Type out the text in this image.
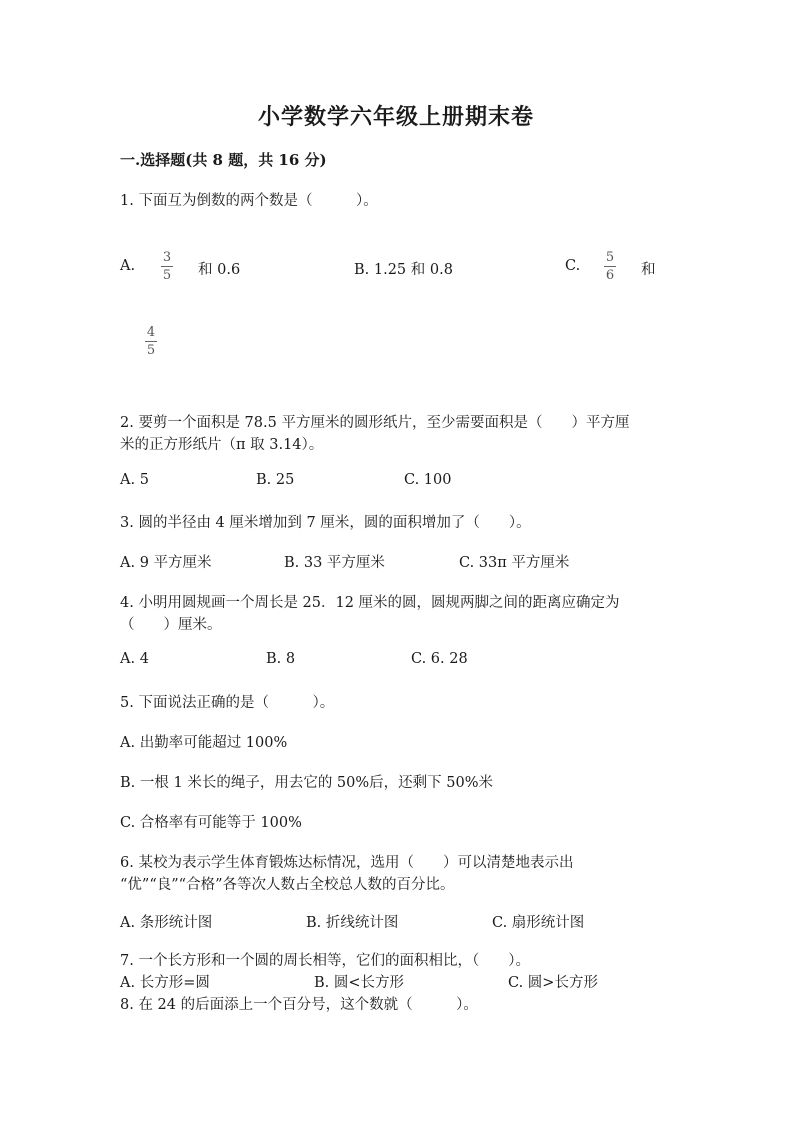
小学数学六年级上册期末卷
一.选择题(共 8 题，共 16 分)
1. 下面互为倒数的两个数是（　　　）。
A.
3
5 和 0.6	B. 1.25 和 0.8	C.
5
6 和
4
5
2. 要剪一个面积是 78.5 平方厘米的圆形纸片，至少需要面积是（　　）平方厘
米的正方形纸片（π 取 3.14）。
A. 5	B. 25	C. 100
3. 圆的半径由 4 厘米增加到 7 厘米，圆的面积增加了（　　）。
A. 9 平方厘米	B. 33 平方厘米	C. 33π 平方厘米
4. 小明用圆规画一个周长是 25．12 厘米的圆，圆规两脚之间的距离应确定为
（　　）厘米。
A. 4	B. 8	C. 6. 28
5. 下面说法正确的是（　　　）。
A. 出勤率可能超过 100%
B. 一根 1 米长的绳子，用去它的 50%后，还剩下 50%米
C. 合格率有可能等于 100%
6. 某校为表示学生体育锻炼达标情况，选用（　　）可以清楚地表示出
“优”“良”“合格”各等次人数占全校总人数的百分比。
A. 条形统计图	B. 折线统计图	C. 扇形统计图
7. 一个长方形和一个圆的周长相等，它们的面积相比，（　　）。
A. 长方形=圆	B. 圆<长方形	C. 圆>长方形
8. 在 24 的后面添上一个百分号，这个数就（　　　）。
